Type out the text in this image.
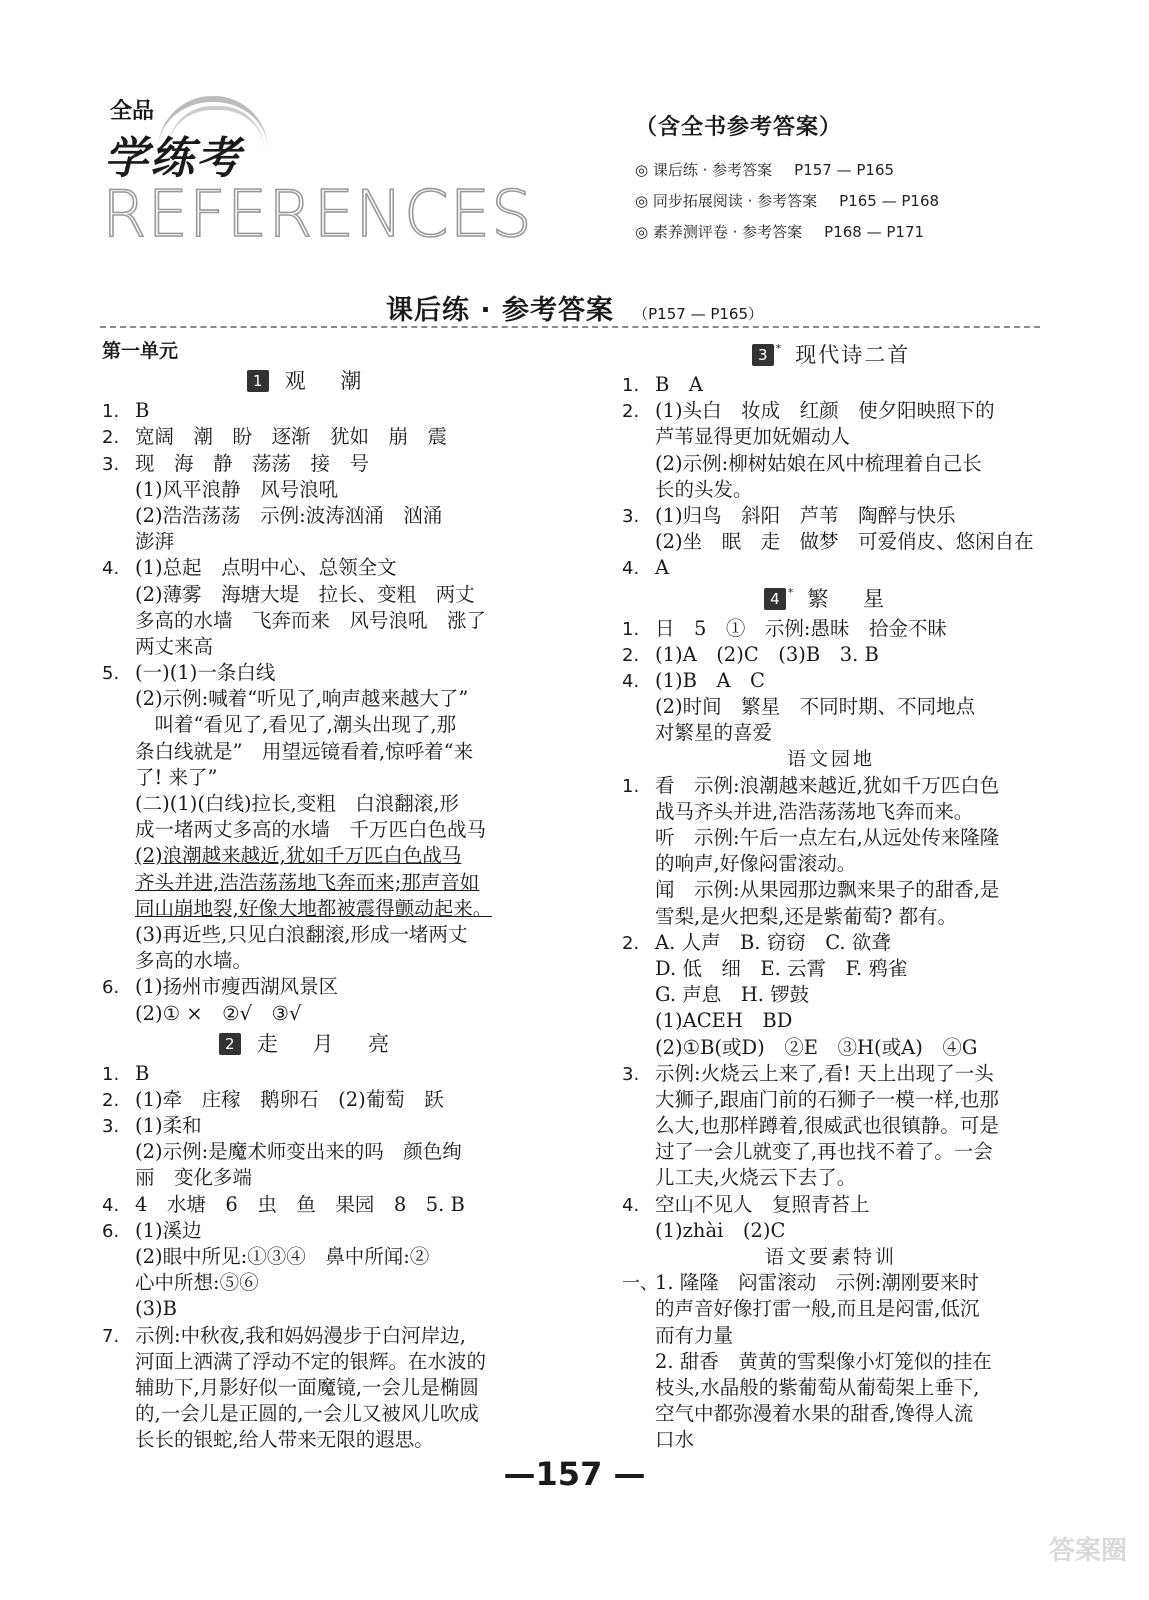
全品
学练考
REFERENCES
（含全书参考答案）
◎ 课后练 · 参考答案 P157 — P165
◎ 同步拓展阅读 · 参考答案 P165 — P168
◎ 素养测评卷 · 参考答案 P168 — P171
课后练 · 参考答案 （P157 — P165）
第一单元
1 观 潮
1. B
2. 宽阔　潮　盼　逐渐　犹如　崩　震
3. 现　海　静　荡荡　接　号
(1)风平浪静　风号浪吼
(2)浩浩荡荡　示例:波涛汹涌　汹涌
澎湃
4. (1)总起　点明中心、总领全文
(2)薄雾　海塘大堤　拉长、变粗　两丈
多高的水墙　飞奔而来　风号浪吼　涨了
两丈来高
5. (一)(1)一条白线
(2)示例:喊着“听见了,响声越来越大了”
　叫着“看见了,看见了,潮头出现了,那
条白线就是”　用望远镜看着,惊呼着“来
了! 来了”
(二)(1)(白线)拉长,变粗　白浪翻滚,形
成一堵两丈多高的水墙　千万匹白色战马
(2)浪潮越来越近,犹如千万匹白色战马
齐头并进,浩浩荡荡地飞奔而来;那声音如
同山崩地裂,好像大地都被震得颤动起来。
(3)再近些,只见白浪翻滚,形成一堵两丈
多高的水墙。
6. (1)扬州市瘦西湖风景区
(2)① ×　②√　③√
2 走 月 亮
1. B
2. (1)牵　庄稼　鹅卵石　(2)葡萄　跃
3. (1)柔和
(2)示例:是魔术师变出来的吗　颜色绚
丽　变化多端
4. 4　水塘　6　虫　鱼　果园　8　5. B
6. (1)溪边
(2)眼中所见:①③④　鼻中所闻:②
心中所想:⑤⑥
(3)B
7. 示例:中秋夜,我和妈妈漫步于白河岸边,
河面上洒满了浮动不定的银辉。在水波的
辅助下,月影好似一面魔镜,一会儿是椭圆
的,一会儿是正圆的,一会儿又被风儿吹成
长长的银蛇,给人带来无限的遐思。
3 * 现代诗二首
1. B　A
2. (1)头白　妆成　红颜　使夕阳映照下的
芦苇显得更加妩媚动人
(2)示例:柳树姑娘在风中梳理着自己长
长的头发。
3. (1)归鸟　斜阳　芦苇　陶醉与快乐
(2)坐　眠　走　做梦　可爱俏皮、悠闲自在
4. A
4 * 繁 星
1. 日　5　①　示例:愚昧　拾金不昧
2. (1)A　(2)C　(3)B　3. B
4. (1)B　A　C
(2)时间　繁星　不同时期、不同地点
对繁星的喜爱
语文园地
1. 看　示例:浪潮越来越近,犹如千万匹白色
战马齐头并进,浩浩荡荡地飞奔而来。
听　示例:午后一点左右,从远处传来隆隆
的响声,好像闷雷滚动。
闻　示例:从果园那边飘来果子的甜香,是
雪梨,是火把梨,还是紫葡萄? 都有。
2. A. 人声　B. 窃窃　C. 欲聋
D. 低　细　E. 云霄　F. 鸦雀
G. 声息　H. 锣鼓
(1)ACEH　BD
(2)①B(或D)　②E　③H(或A)　④G
3. 示例:火烧云上来了,看! 天上出现了一头
大狮子,跟庙门前的石狮子一模一样,也那
么大,也那样蹲着,很威武也很镇静。可是
过了一会儿就变了,再也找不着了。一会
儿工夫,火烧云下去了。
4. 空山不见人　复照青苔上
(1)zhài　(2)C
语文要素特训
一、1. 隆隆　闷雷滚动　示例:潮刚要来时
的声音好像打雷一般,而且是闷雷,低沉
而有力量
2. 甜香　黄黄的雪梨像小灯笼似的挂在
枝头,水晶般的紫葡萄从葡萄架上垂下,
空气中都弥漫着水果的甜香,馋得人流
口水
—157 —
答案圈
